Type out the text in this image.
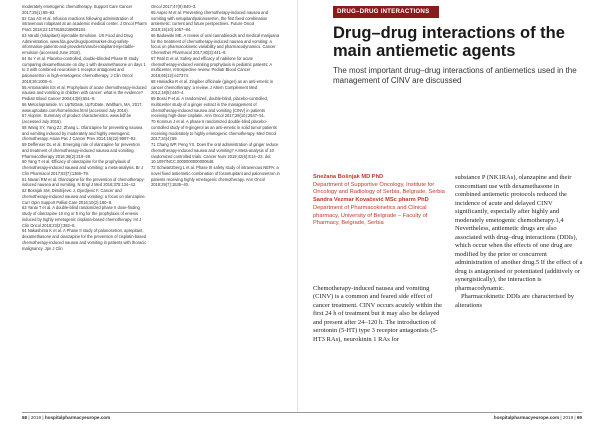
moderately emetogenic chemotherapy. Support Care Cancer 2017;25(1):85–92.

52 Cao AS et al. Infusion reactions following administration of intravenous rolapitant at an academic medical center. J Oncol Pharm Pract 2018;22:1078155218808184.

53 Varubi (rolapitant) injectable Emulsion. US Food and Drug Administration. www.fda.gov/drugs/postmarket-drug-safety-information-patients-and-providers/varubi-rolapitant-injectable-emulsion (accessed June 2019).

54 Ito Y et al. Placebo-controlled, double-blinded Phase III study comparing dexamethasone on day 1 with dexamethasone on days 1 to 3 with combined neurokinin-1 receptor antagonist and palonosetron in high-emetogenic chemotherapy. J Clin Oncol 2018;36:1000–6.

55 Antonarakis ES et al. Prophylaxis of acute chemotherapy-induced nausea and vomiting in children with cancer: what is the evidence? Pediatr Blood Cancer 2004;43(6):651–8.

56 Metoclopramide. In: UpToDate, UpToDate, Waltham, MA, 2017. www.uptodate.com/home/index.html (accessed July 2016).

57 Aloprim. Summary of product characteristics. www.bdf.be (accessed July 2016).

58 Wang SY, Yang ZJ, Zhang L. Olanzapine for preventing nausea and vomiting induced by moderately and highly emetogenic chemotherapy. Asian Pac J Cancer Prev 2014;15(22):9587–92.

59 Deffenser DL et al. Emerging role of olanzapine for prevention and treatment of chemotherapy-induced nausea and vomiting. Pharmacotherapy 2016;36(2):219–29.

60 Yang T et al. Efficacy of olanzapine for the prophylaxis of chemotherapy-induced nausea and vomiting: a meta-analysis. Br J Clin Pharmacol 2017;83(7):1369–79.

61 Navari RM et al. Olanzapine for the prevention of chemotherapy-induced nausea and vomiting. N Engl J Med 2016;375:134–42.

62 Bosnjak SM, Dimitrijevic J, Djordjevic F. Cancer and chemotherapy-induced nausea and vomiting: a focus on olanzapine. Curr Opin Support Palliat Care 2016;10(2):180–8.

63 Yanai T et al. A double-blind randomized phase II dose-finding study of olanzapine 10 mg or 5 mg for the prophylaxis of emesis induced by highly emetogenic cisplatin-based chemotherapy. Int J Clin Oncol 2018;23(2):382–8.

64 Nakashima K et al. A Phase II study of palonosetron, aprepitant, dexamethasone and olanzapine for the prevention of cisplatin-based chemotherapy-induced nausea and vomiting in patients with thoracic malignancy. Jpn J Clin

Oncol 2017;47(9):840–3.

65 Aapro M et al. Preventing chemotherapy-induced nausea and vomiting with netupitant/palonosetron, the first fixed combination antiemetic: current and future perspectives. Future Oncol 2019;15(10):1067–84.

66 Badowski ME. A review of oral cannabinoids and medical marijuana for the treatment of chemotherapy-induced nausea and vomiting: a focus on pharmacokinetic variability and pharmacodynamics. Cancer Chemother Pharmacol 2017;80(3):441–9.

67 Patil G et al. Safety and efficacy of nabilone for acute chemotherapy-induced vomiting prophylaxis in pediatric patients: A multicenter, retrospective review. Pediatr Blood Cancer 2018;65(12):e27374.

68 Haniadka R et al. Zingiber officinale (ginger) as an anti-emetic in cancer chemotherapy: a review. J Altern Complement Med 2012;18(5):440–4.

69 Bossi P et al. A randomized, double-blind, placebo-controlled, multicenter study of a ginger extract in the management of chemotherapy-induced nausea and vomiting (CINV) in patients receiving high-dose cisplatin. Ann Oncol 2017;28(10):2547–51.

70 Konmun J et al. A phase II randomized double-blind placebo-controlled study of 6-gingerol as an anti-emetic in solid tumor patients receiving moderately to highly emetogenic chemotherapy. Med Oncol 2017;34(4):69.

71 Chang WP, Peng YX. Does the oral administration of ginger reduce chemotherapy-induced nausea and vomiting? A Meta-analysis of 10 randomized controlled trials. Cancer Nurs 2019;42(6):E14–23. doi: 10.1097/NCC.0000000000000648.

72 Schwartzberg L et al. Phase III safety study of intravenous NEPA: a novel fixed antiemetic combination of fosnetupitant and palonosetron in patients receiving highly emetogenic chemotherapy. Ann Oncol 2018;29(7):1535–40.

DRUG–DRUG INTERACTIONS
Drug–drug interactions of the main antiemetic agents

The most important drug–drug interactions of antiemetics used in the management of CINV are discussed

Snežana Bošnjak MD PhD
Department of Supportive Oncology, Institute for Oncology and Radiology of Serbia, Belgrade, Serbia
Sandra Vezmar Kovačević MSc pharm PhD
Department of Pharmacokinetics and Clinical pharmacy, University of Belgrade – Faculty of Pharmacy, Belgrade, Serbia

Chemotherapy-induced nausea and vomiting (CINV) is a common and feared side effect of cancer treatment. CINV occurs acutely within the first 24 h of treatment but it may also be delayed and present after 24–120 h. The introduction of serotonin (5-HT) type 3 receptor antagonists (5-HT3 RAs), neurokinin 1 RAs for

substance P (NK1RAs), olanzapine and their concomitant use with dexamethasone in combined antiemetic protocols reduced the incidence of acute and delayed CINV significantly, especially after highly and moderately emetogenic chemotherapy.1,4 Nevertheless, antiemetic drugs are also associated with drug–drug interactions (DDIs), which occur when the effects of one drug are modified by the prior or concurrent administration of another drug.5 If the effect of a drug is antagonised or potentiated (additively or synergistically), the interaction is pharmacodynamic.

Pharmacokinetic DDIs are characterised by alterations

68 | 2019 | hospitalpharmacyeurope.com	hospitalpharmacyeurope.com | 2019 | 69
